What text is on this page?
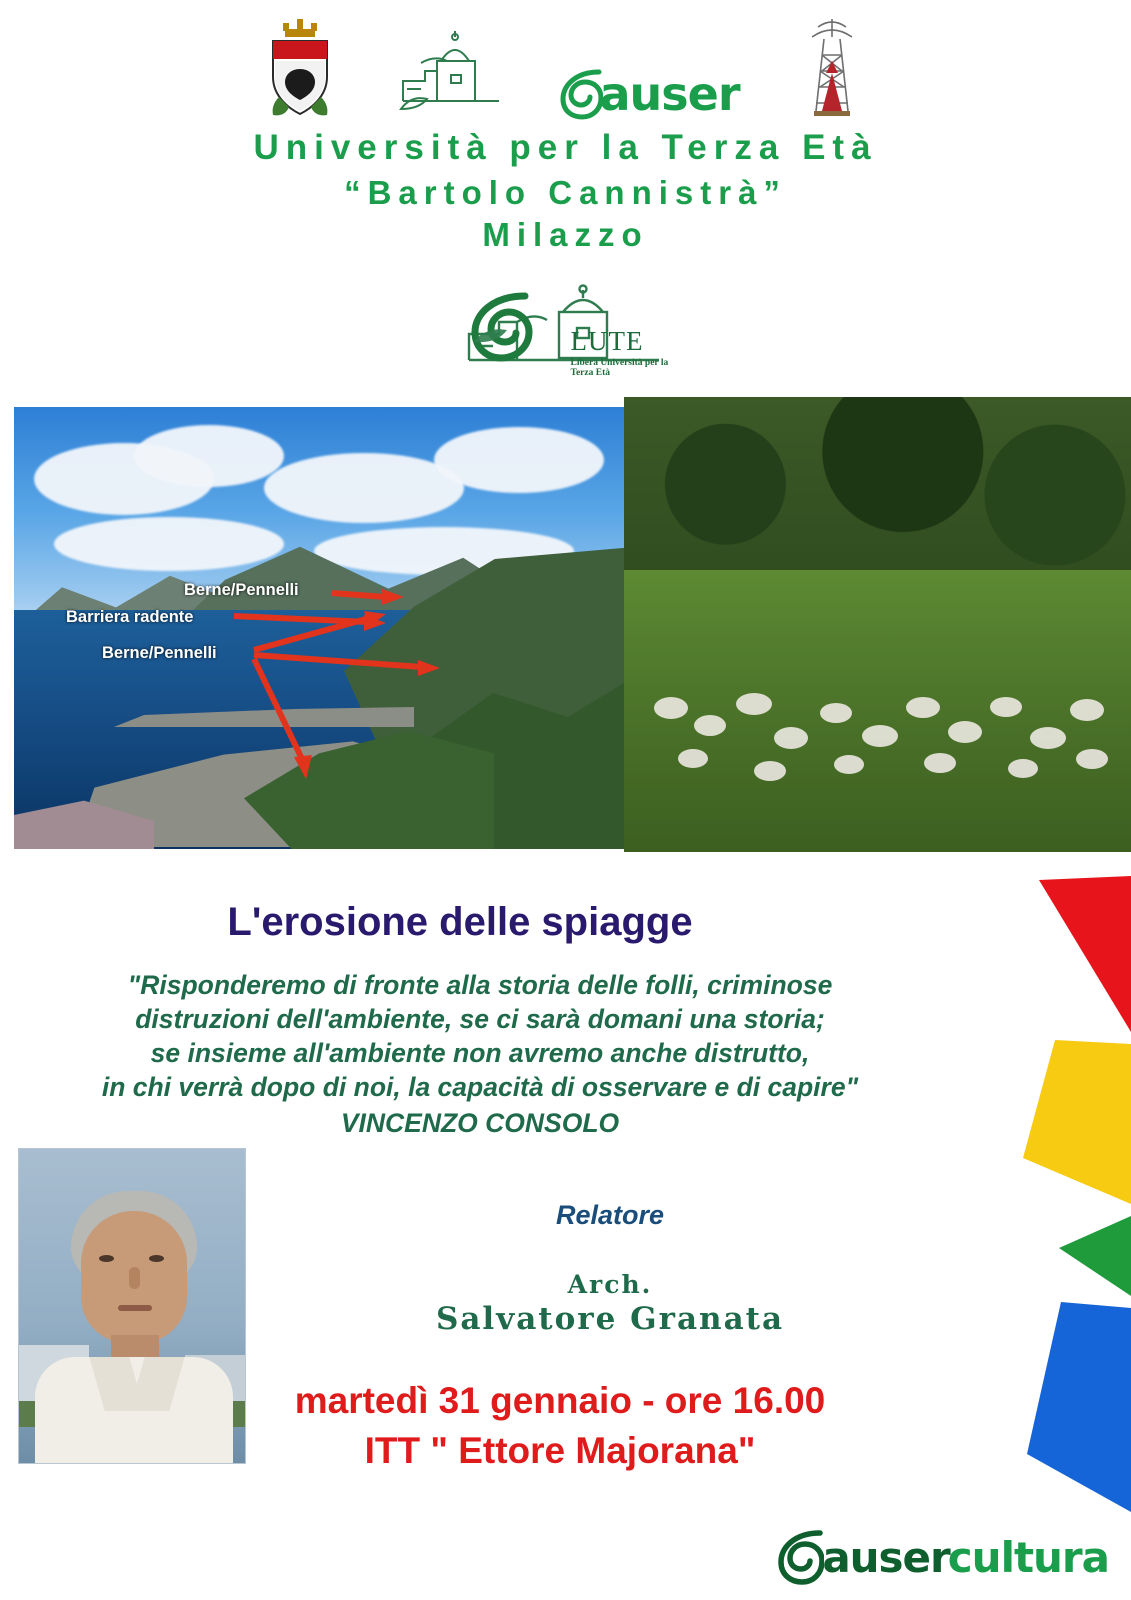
auser
Università per la Terza Età
“Bartolo Cannistrà”
Milazzo
LUTE
Libera Università per la Terza Età
Berne/Pennelli
Barriera radente
Berne/Pennelli
L'erosione delle spiagge
"Risponderemo di fronte alla storia delle folli, criminose
distruzioni dell'ambiente, se ci sarà domani una storia;
se insieme all'ambiente non avremo anche distrutto,
in chi verrà dopo di noi, la capacità di osservare e di capire"
VINCENZO CONSOLO
Relatore
Arch.
Salvatore Granata
martedì 31 gennaio - ore 16.00
ITT " Ettore Majorana"
auser
cultura
